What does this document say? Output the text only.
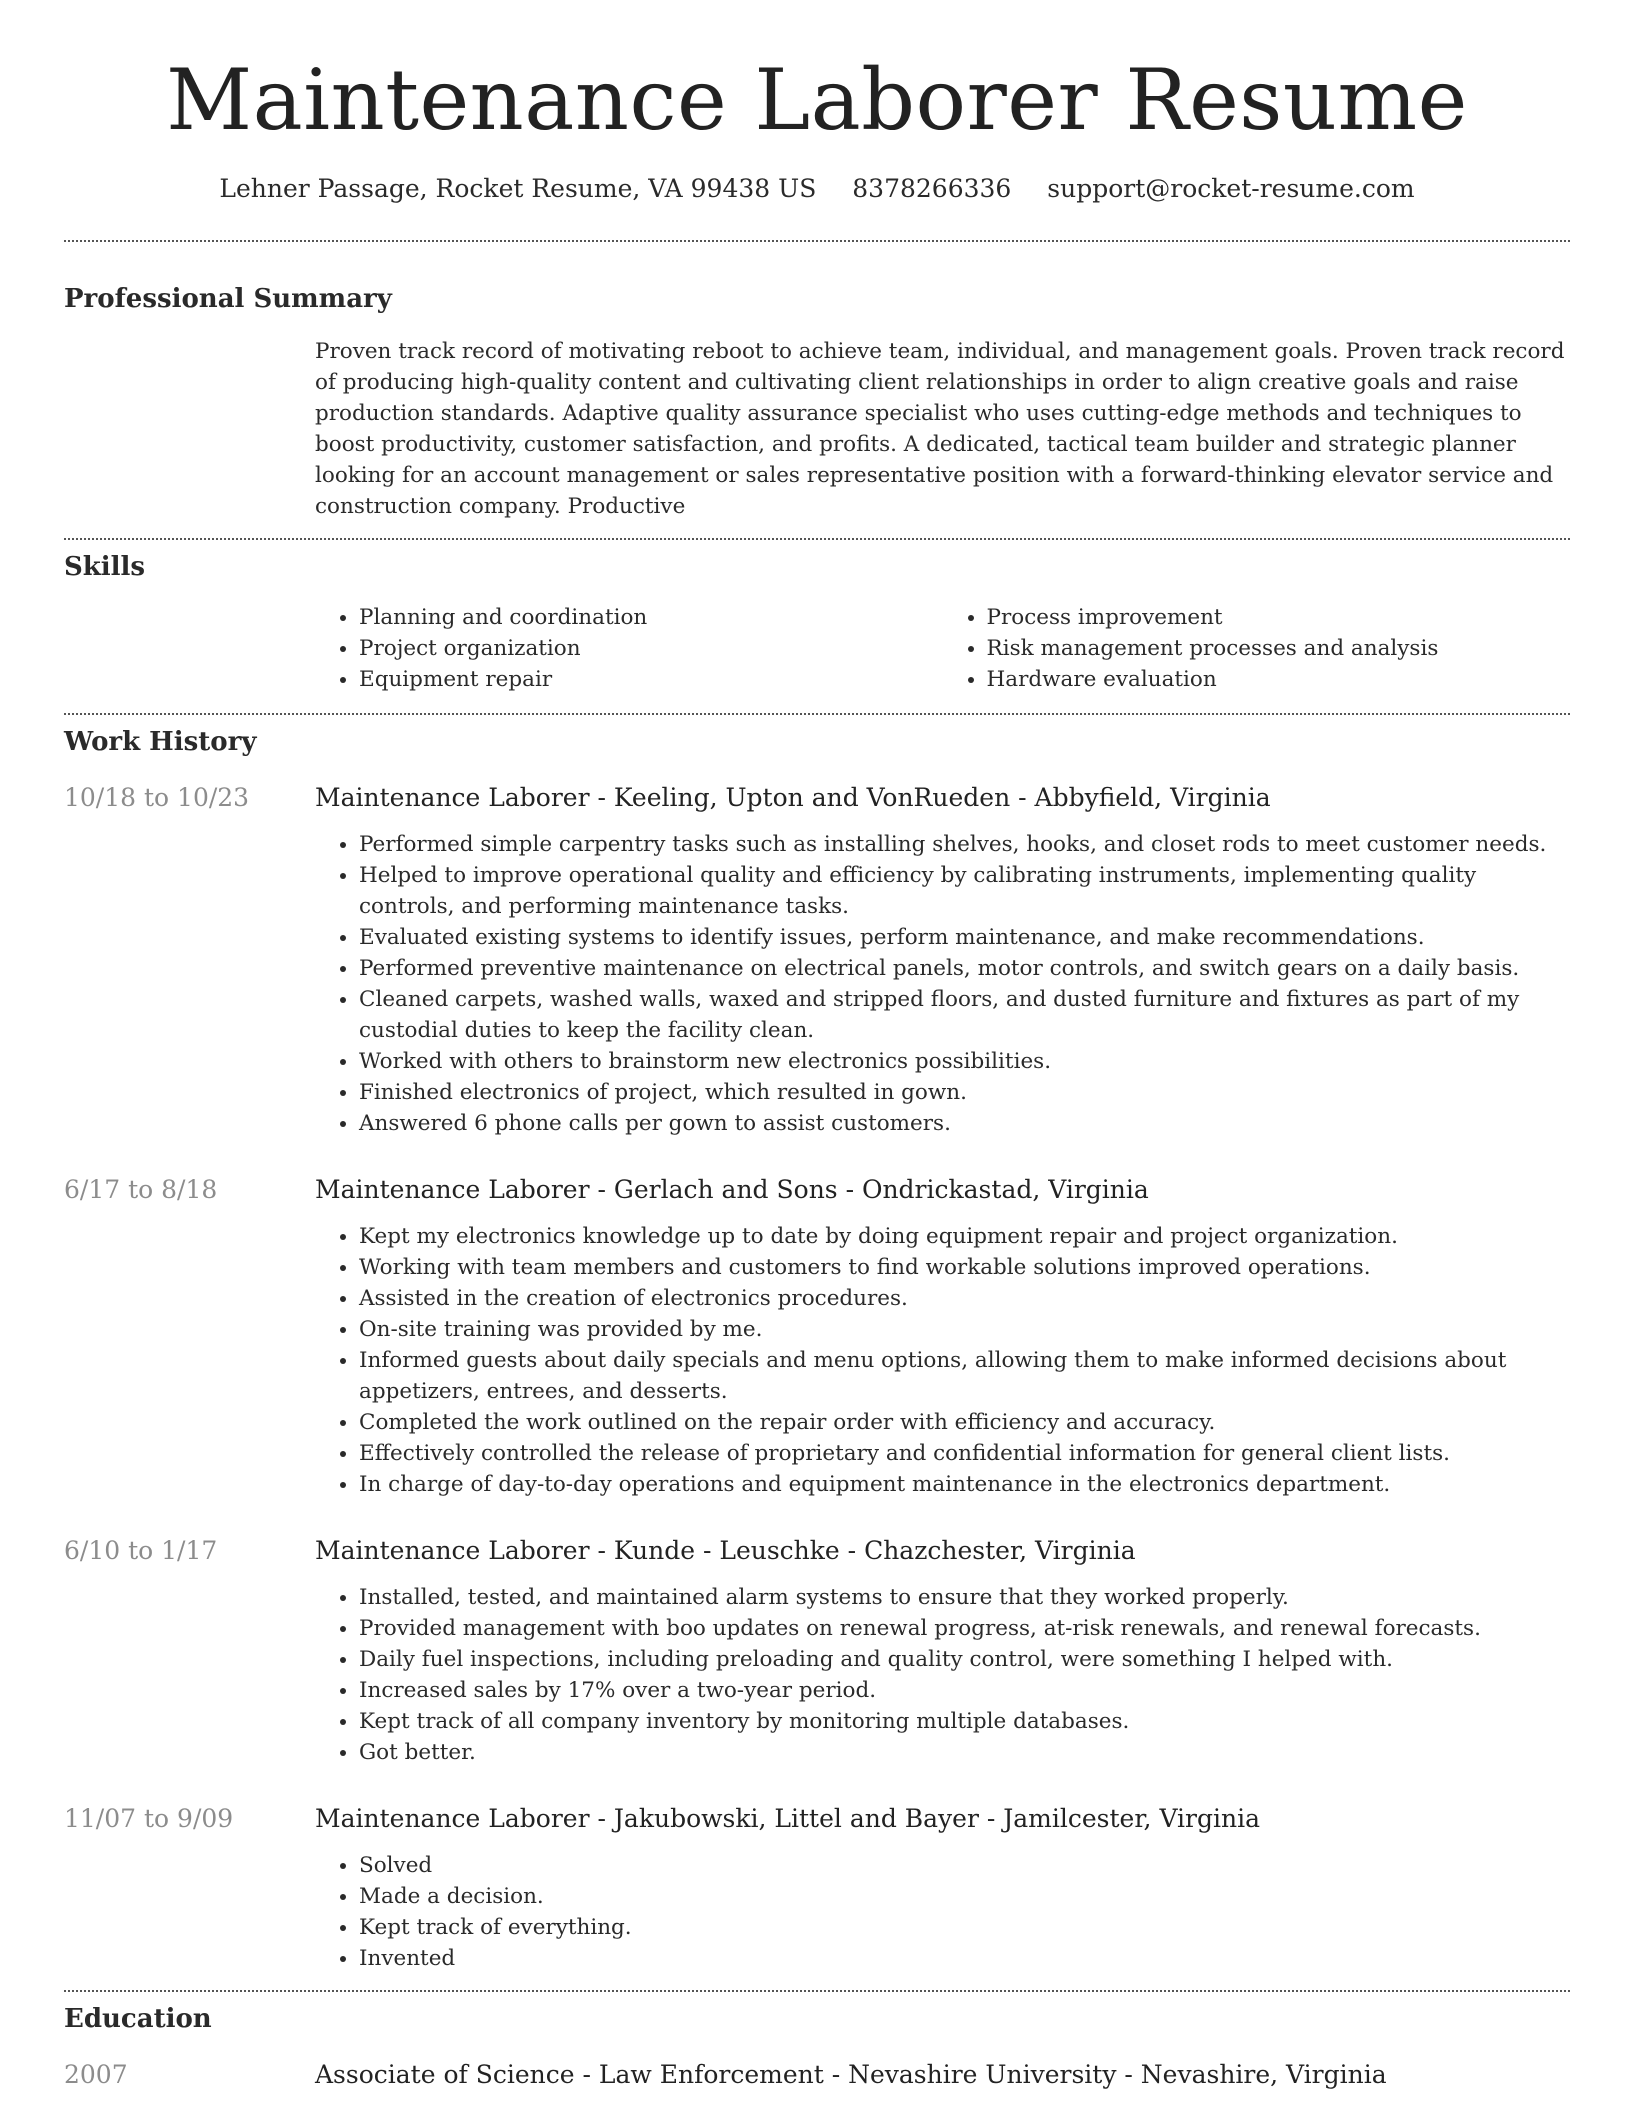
Maintenance Laborer Resume
Lehner Passage, Rocket Resume, VA 99438 US 8378266336 support@rocket-resume.com
Professional Summary

Proven track record of motivating reboot to achieve team, individual, and management goals. Proven track record of producing high-quality content and cultivating client relationships in order to align creative goals and raise production standards. Adaptive quality assurance specialist who uses cutting-edge methods and techniques to boost productivity, customer satisfaction, and profits. A dedicated, tactical team builder and strategic planner looking for an account management or sales representative position with a forward-thinking elevator service and construction company. Productive

Skills
• Planning and coordination
• Project organization
• Equipment repair
• Process improvement
• Risk management processes and analysis
• Hardware evaluation
Work History
10/18 to 10/23	Maintenance Laborer - Keeling, Upton and VonRueden - Abbyfield, Virginia
• Performed simple carpentry tasks such as installing shelves, hooks, and closet rods to meet customer needs.
• Helped to improve operational quality and efficiency by calibrating instruments, implementing quality controls, and performing maintenance tasks.
• Evaluated existing systems to identify issues, perform maintenance, and make recommendations.
• Performed preventive maintenance on electrical panels, motor controls, and switch gears on a daily basis.
• Cleaned carpets, washed walls, waxed and stripped floors, and dusted furniture and fixtures as part of my custodial duties to keep the facility clean.
• Worked with others to brainstorm new electronics possibilities.
• Finished electronics of project, which resulted in gown.
• Answered 6 phone calls per gown to assist customers.
6/17 to 8/18	Maintenance Laborer - Gerlach and Sons - Ondrickastad, Virginia
• Kept my electronics knowledge up to date by doing equipment repair and project organization.
• Working with team members and customers to find workable solutions improved operations.
• Assisted in the creation of electronics procedures.
• On-site training was provided by me.
• Informed guests about daily specials and menu options, allowing them to make informed decisions about appetizers, entrees, and desserts.
• Completed the work outlined on the repair order with efficiency and accuracy.
• Effectively controlled the release of proprietary and confidential information for general client lists.
• In charge of day-to-day operations and equipment maintenance in the electronics department.
6/10 to 1/17	Maintenance Laborer - Kunde - Leuschke - Chazchester, Virginia
• Installed, tested, and maintained alarm systems to ensure that they worked properly.
• Provided management with boo updates on renewal progress, at-risk renewals, and renewal forecasts.
• Daily fuel inspections, including preloading and quality control, were something I helped with.
• Increased sales by 17% over a two-year period.
• Kept track of all company inventory by monitoring multiple databases.
• Got better.
11/07 to 9/09	Maintenance Laborer - Jakubowski, Littel and Bayer - Jamilcester, Virginia
• Solved
• Made a decision.
• Kept track of everything.
• Invented
Education
2007	Associate of Science - Law Enforcement - Nevashire University - Nevashire, Virginia
